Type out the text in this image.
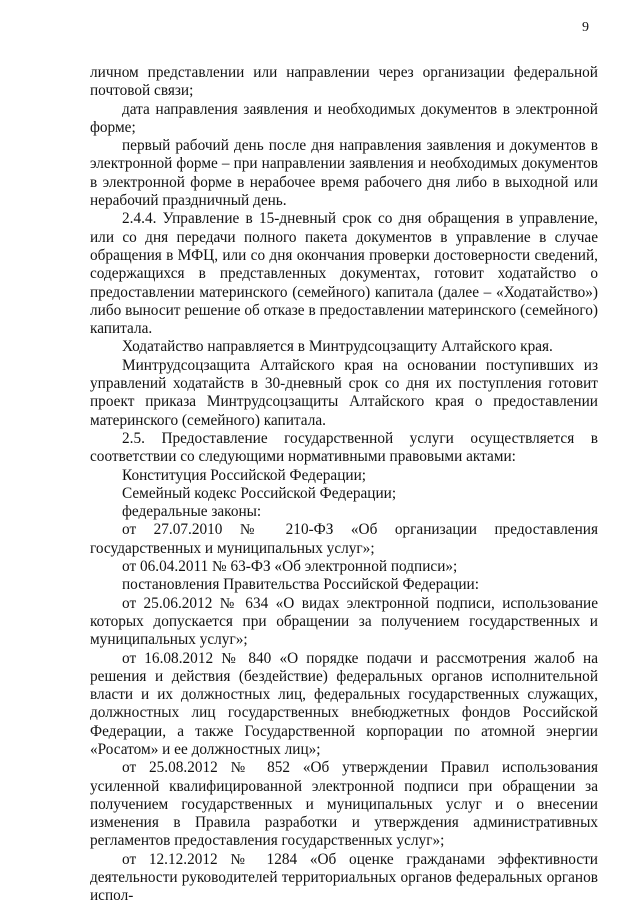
9

личном представлении или направлении через организации федеральной почтовой связи;

дата направления заявления и необходимых документов в электронной форме;

первый рабочий день после дня направления заявления и документов в электронной форме – при направлении заявления и необходимых документов в электронной форме в нерабочее время рабочего дня либо в выходной или нерабочий праздничный день.

2.4.4. Управление в 15-дневный срок со дня обращения в управление, или со дня передачи полного пакета документов в управление в случае обращения в МФЦ, или со дня окончания проверки достоверности сведений, содержащихся в представленных документах, готовит ходатайство о предоставлении материнского (семейного) капитала (далее – «Ходатайство») либо выносит решение об отказе в предоставлении материнского (семейного) капитала.

Ходатайство направляется в Минтрудсоцзащиту Алтайского края.

Минтрудсоцзащита Алтайского края на основании поступивших из управлений ходатайств в 30-дневный срок со дня их поступления готовит проект приказа Минтрудсоцзащиты Алтайского края о предоставлении материнского (семейного) капитала.

2.5. Предоставление государственной услуги осуществляется в соответствии со следующими нормативными правовыми актами:

Конституция Российской Федерации;

Семейный кодекс Российской Федерации;

федеральные законы:

от 27.07.2010 № 210-ФЗ «Об организации предоставления государственных и муниципальных услуг»;

от 06.04.2011 № 63-ФЗ «Об электронной подписи»;

постановления Правительства Российской Федерации:

от 25.06.2012 № 634 «О видах электронной подписи, использование которых допускается при обращении за получением государственных и муниципальных услуг»;

от 16.08.2012 № 840 «О порядке подачи и рассмотрения жалоб на решения и действия (бездействие) федеральных органов исполнительной власти и их должностных лиц, федеральных государственных служащих, должностных лиц государственных внебюджетных фондов Российской Федерации, а также Государственной корпорации по атомной энергии «Росатом» и ее должностных лиц»;

от 25.08.2012 № 852 «Об утверждении Правил использования усиленной квалифицированной электронной подписи при обращении за получением государственных и муниципальных услуг и о внесении изменения в Правила разработки и утверждения административных регламентов предоставления государственных услуг»;

от 12.12.2012 № 1284 «Об оценке гражданами эффективности деятельности руководителей территориальных органов федеральных органов испол-
